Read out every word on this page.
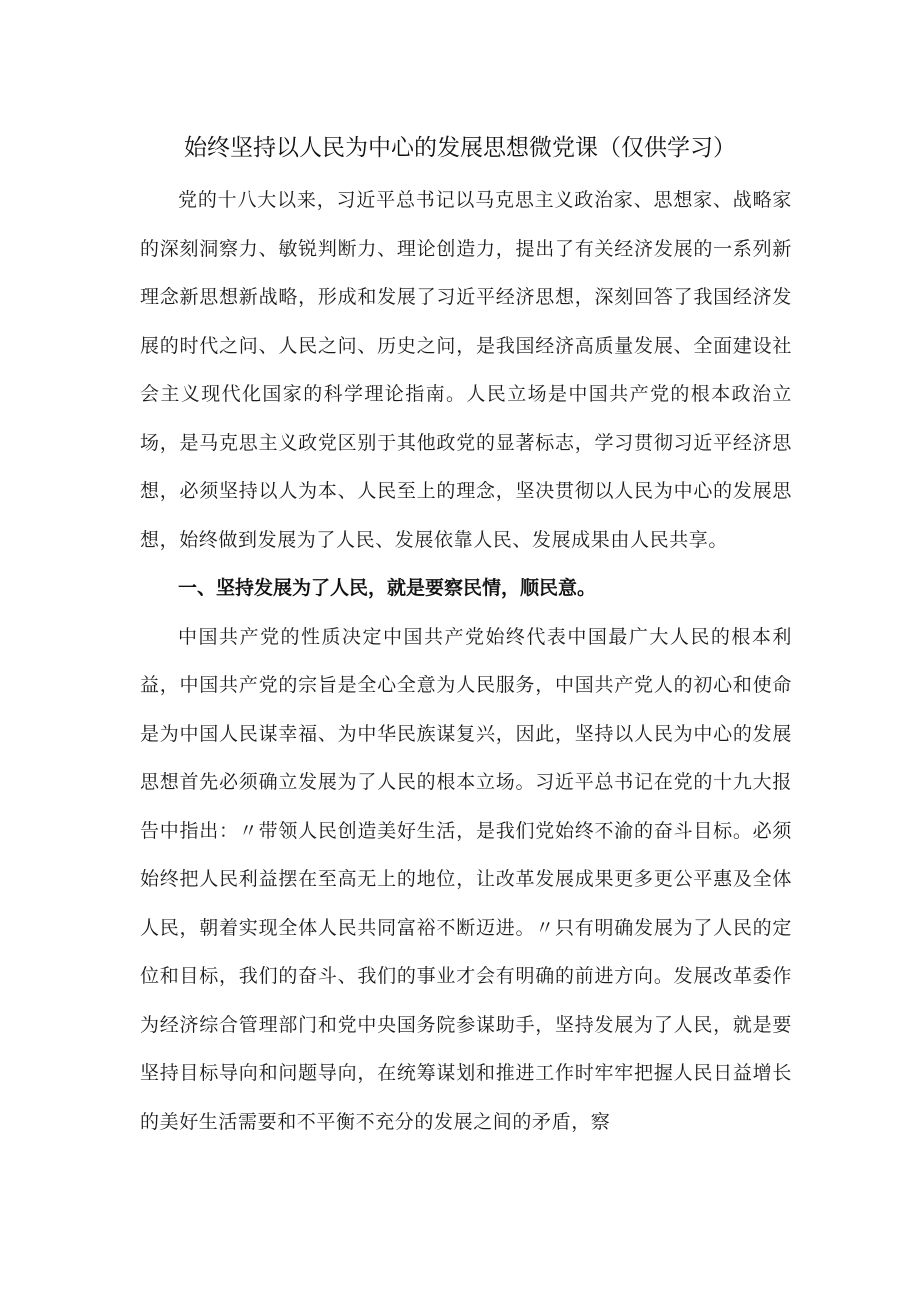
始终坚持以人民为中心的发展思想微党课（仅供学习）

党的十八大以来，习近平总书记以马克思主义政治家、思想家、战略家的深刻洞察力、敏锐判断力、理论创造力，提出了有关经济发展的一系列新理念新思想新战略，形成和发展了习近平经济思想，深刻回答了我国经济发展的时代之问、人民之问、历史之问，是我国经济高质量发展、全面建设社会主义现代化国家的科学理论指南。人民立场是中国共产党的根本政治立场，是马克思主义政党区别于其他政党的显著标志，学习贯彻习近平经济思想，必须坚持以人为本、人民至上的理念，坚决贯彻以人民为中心的发展思想，始终做到发展为了人民、发展依靠人民、发展成果由人民共享。

一、坚持发展为了人民，就是要察民情，顺民意。

中国共产党的性质决定中国共产党始终代表中国最广大人民的根本利益，中国共产党的宗旨是全心全意为人民服务，中国共产党人的初心和使命是为中国人民谋幸福、为中华民族谋复兴，因此，坚持以人民为中心的发展思想首先必须确立发展为了人民的根本立场。习近平总书记在党的十九大报告中指出：〃带领人民创造美好生活，是我们党始终不渝的奋斗目标。必须始终把人民利益摆在至高无上的地位，让改革发展成果更多更公平惠及全体人民，朝着实现全体人民共同富裕不断迈进。〃只有明确发展为了人民的定位和目标，我们的奋斗、我们的事业才会有明确的前进方向。发展改革委作为经济综合管理部门和党中央国务院参谋助手，坚持发展为了人民，就是要坚持目标导向和问题导向，在统筹谋划和推进工作时牢牢把握人民日益增长的美好生活需要和不平衡不充分的发展之间的矛盾，察
